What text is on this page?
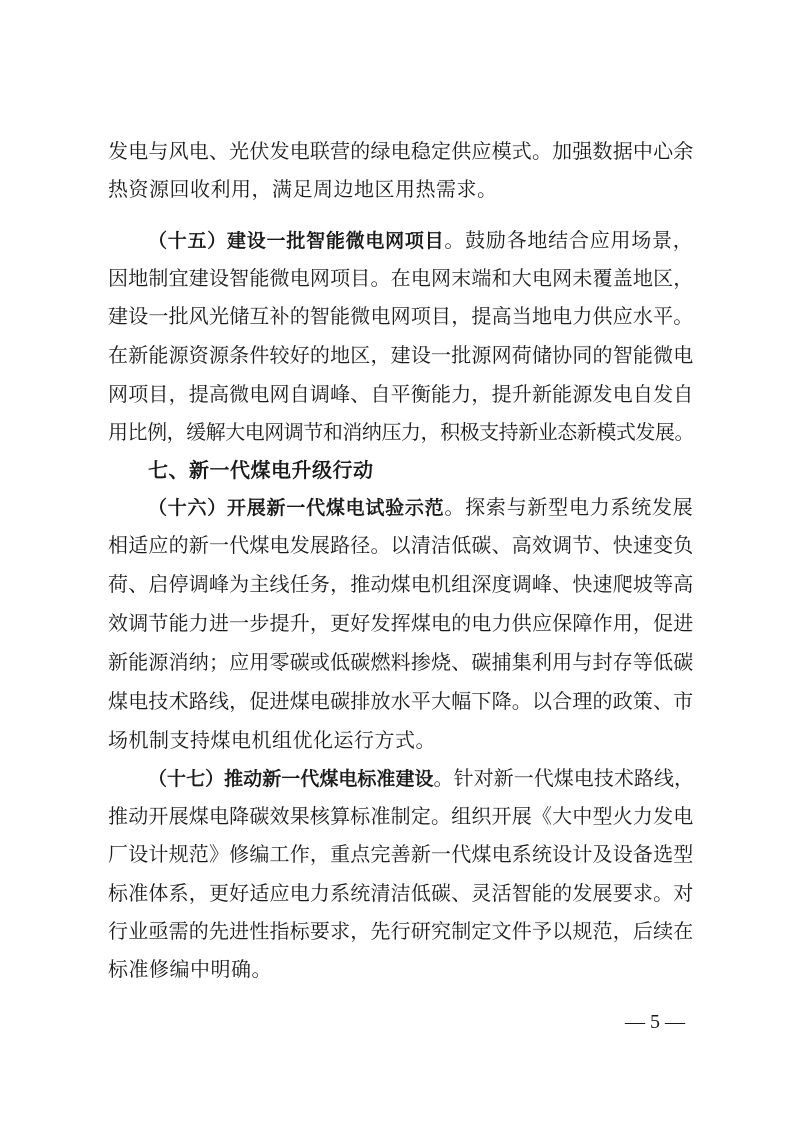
发电与风电、光伏发电联营的绿电稳定供应模式。加强数据中心余
热资源回收利用，满足周边地区用热需求。
（十五）建设一批智能微电网项目。鼓励各地结合应用场景，
因地制宜建设智能微电网项目。在电网末端和大电网未覆盖地区，
建设一批风光储互补的智能微电网项目，提高当地电力供应水平。
在新能源资源条件较好的地区，建设一批源网荷储协同的智能微电
网项目，提高微电网自调峰、自平衡能力，提升新能源发电自发自
用比例，缓解大电网调节和消纳压力，积极支持新业态新模式发展。
七、新一代煤电升级行动
（十六）开展新一代煤电试验示范。探索与新型电力系统发展
相适应的新一代煤电发展路径。以清洁低碳、高效调节、快速变负
荷、启停调峰为主线任务，推动煤电机组深度调峰、快速爬坡等高
效调节能力进一步提升，更好发挥煤电的电力供应保障作用，促进
新能源消纳；应用零碳或低碳燃料掺烧、碳捕集利用与封存等低碳
煤电技术路线，促进煤电碳排放水平大幅下降。以合理的政策、市
场机制支持煤电机组优化运行方式。
（十七）推动新一代煤电标准建设。针对新一代煤电技术路线，
推动开展煤电降碳效果核算标准制定。组织开展《大中型火力发电
厂设计规范》修编工作，重点完善新一代煤电系统设计及设备选型
标准体系，更好适应电力系统清洁低碳、灵活智能的发展要求。对
行业亟需的先进性指标要求，先行研究制定文件予以规范，后续在
标准修编中明确。
— 5 —
